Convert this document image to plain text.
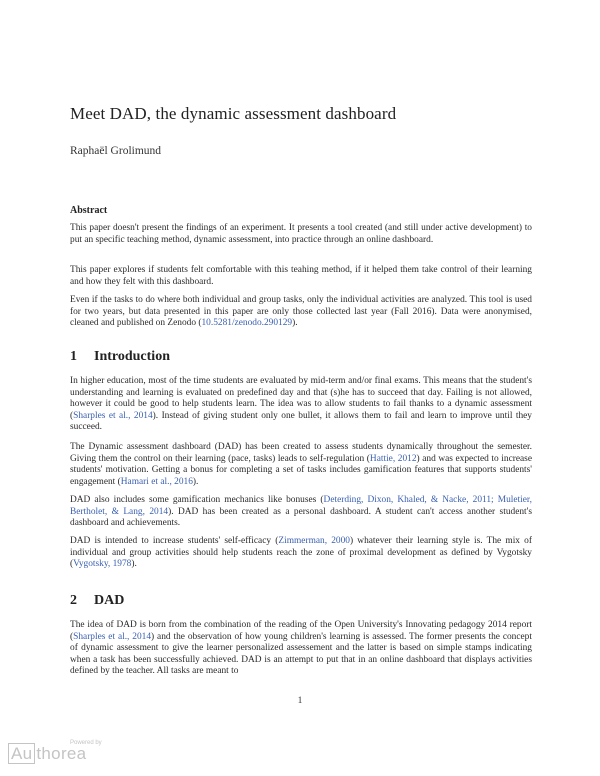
Meet DAD, the dynamic assessment dashboard
Raphaël Grolimund
Abstract

This paper doesn't present the findings of an experiment. It presents a tool created (and still under active development) to put an specific teaching method, dynamic assessment, into practice through an online dashboard.

This paper explores if students felt comfortable with this teahing method, if it helped them take control of their learning and how they felt with this dashboard.

Even if the tasks to do where both individual and group tasks, only the individual activities are analyzed. This tool is used for two years, but data presented in this paper are only those collected last year (Fall 2016). Data were anonymised, cleaned and published on Zenodo (10.5281/zenodo.290129).

1 Introduction

In higher education, most of the time students are evaluated by mid-term and/or final exams. This means that the student's understanding and learning is evaluated on predefined day and that (s)he has to succeed that day. Failing is not allowed, however it could be good to help students learn. The idea was to allow students to fail thanks to a dynamic assessment (Sharples et al., 2014). Instead of giving student only one bullet, it allows them to fail and learn to improve until they succeed.

The Dynamic assessment dashboard (DAD) has been created to assess students dynamically throughout the semester. Giving them the control on their learning (pace, tasks) leads to self-regulation (Hattie, 2012) and was expected to increase students' motivation. Getting a bonus for completing a set of tasks includes gamification features that supports students' engagement (Hamari et al., 2016).

DAD also includes some gamification mechanics like bonuses (Deterding, Dixon, Khaled, & Nacke, 2011; Muletier, Bertholet, & Lang, 2014). DAD has been created as a personal dashboard. A student can't access another student's dashboard and achievements.

DAD is intended to increase students' self-efficacy (Zimmerman, 2000) whatever their learning style is. The mix of individual and group activities should help students reach the zone of proximal development as defined by Vygotsky (Vygotsky, 1978).

2 DAD

The idea of DAD is born from the combination of the reading of the Open University's Innovating pedagogy 2014 report (Sharples et al., 2014) and the observation of how young children's learning is assessed. The former presents the concept of dynamic assessment to give the learner personalized assessement and the latter is based on simple stamps indicating when a task has been successfully achieved. DAD is an attempt to put that in an online dashboard that displays activities defined by the teacher. All tasks are meant to

1
Powered by
Au thorea
